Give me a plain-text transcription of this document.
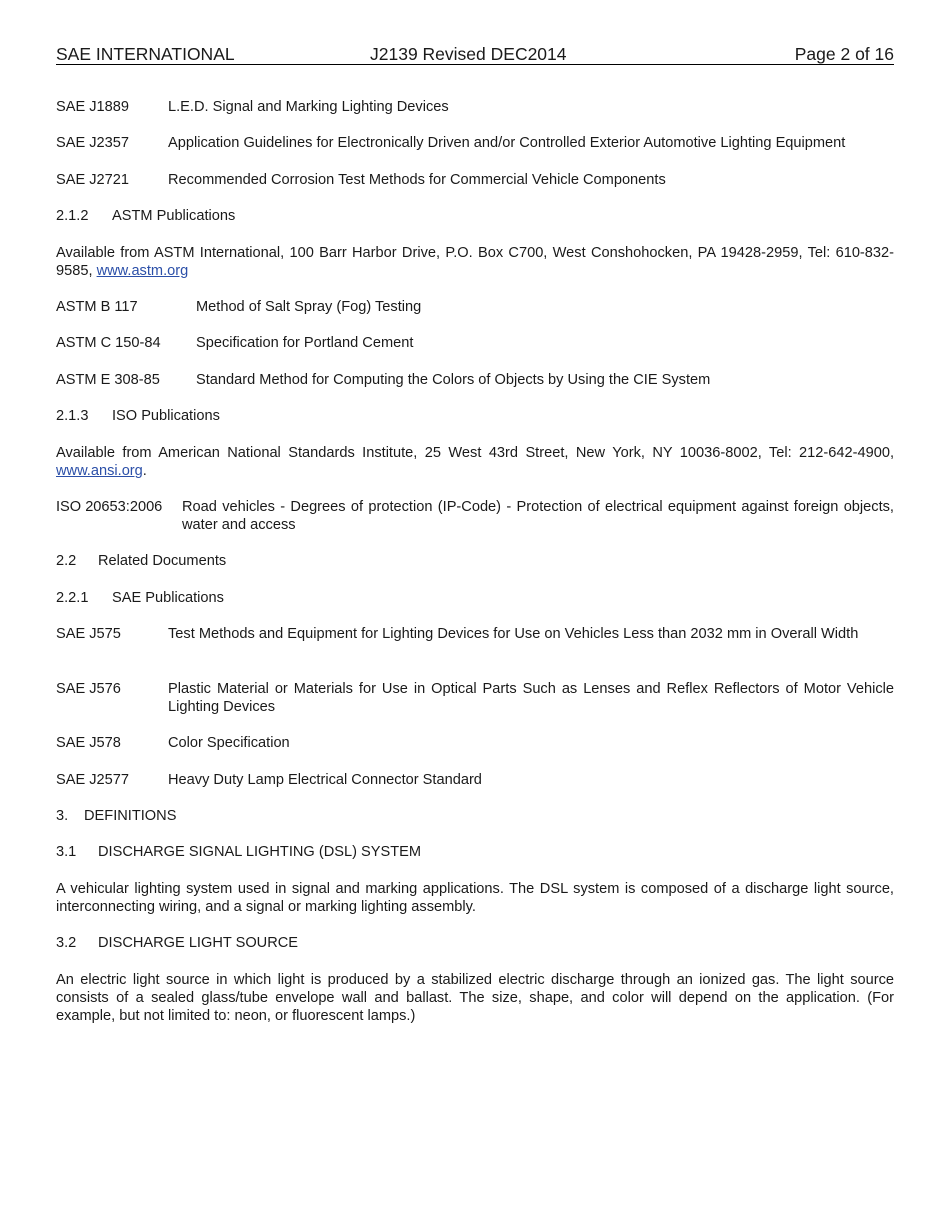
SAE INTERNATIONAL	J2139 Revised DEC2014	Page 2 of 16
SAE J1889	L.E.D. Signal and Marking Lighting Devices
SAE J2357	Application Guidelines for Electronically Driven and/or Controlled Exterior Automotive Lighting Equipment
SAE J2721	Recommended Corrosion Test Methods for Commercial Vehicle Components
2.1.2	ASTM Publications
Available from ASTM International, 100 Barr Harbor Drive, P.O. Box C700, West Conshohocken, PA 19428-2959, Tel: 610-832-9585, www.astm.org
ASTM B 117	Method of Salt Spray (Fog) Testing
ASTM C 150-84	Specification for Portland Cement
ASTM E 308-85	Standard Method for Computing the Colors of Objects by Using the CIE System
2.1.3	ISO Publications
Available from American National Standards Institute, 25 West 43rd Street, New York, NY 10036-8002, Tel: 212-642-4900, www.ansi.org.
ISO 20653:2006	Road vehicles - Degrees of protection (IP-Code) - Protection of electrical equipment against foreign objects, water and access
2.2	Related Documents
2.2.1	SAE Publications
SAE J575	Test Methods and Equipment for Lighting Devices for Use on Vehicles Less than 2032 mm in Overall Width
SAE J576	Plastic Material or Materials for Use in Optical Parts Such as Lenses and Reflex Reflectors of Motor Vehicle Lighting Devices
SAE J578	Color Specification
SAE J2577	Heavy Duty Lamp Electrical Connector Standard
3.	DEFINITIONS
3.1	DISCHARGE SIGNAL LIGHTING (DSL) SYSTEM
A vehicular lighting system used in signal and marking applications. The DSL system is composed of a discharge light source, interconnecting wiring, and a signal or marking lighting assembly.
3.2	DISCHARGE LIGHT SOURCE
An electric light source in which light is produced by a stabilized electric discharge through an ionized gas. The light source consists of a sealed glass/tube envelope wall and ballast. The size, shape, and color will depend on the application. (For example, but not limited to: neon, or fluorescent lamps.)
